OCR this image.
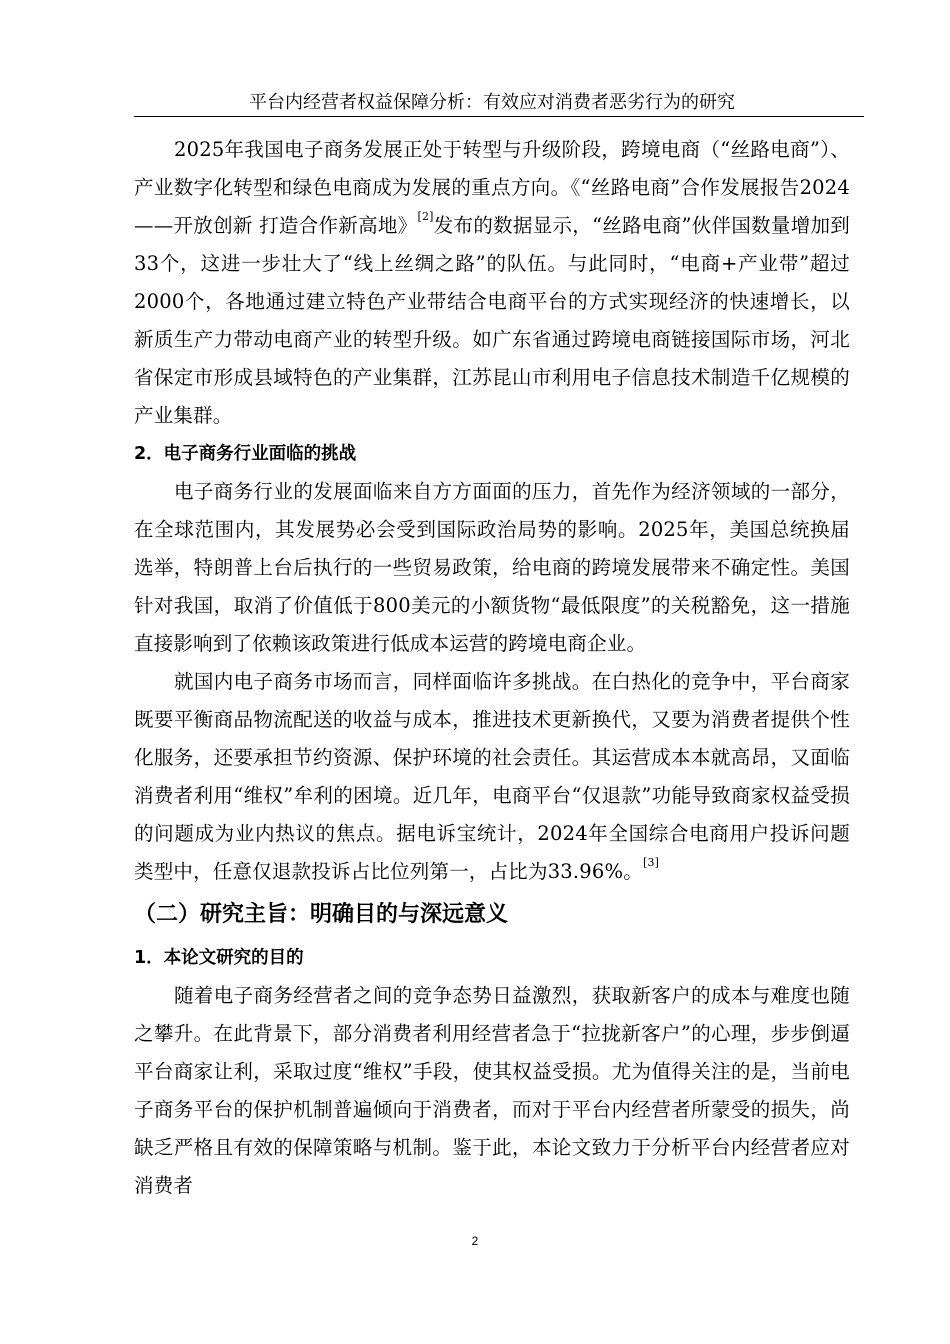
平台内经营者权益保障分析：有效应对消费者恶劣行为的研究

2025年我国电子商务发展正处于转型与升级阶段，跨境电商（“丝路电商”）、产业数字化转型和绿色电商成为发展的重点方向。《“丝路电商”合作发展报告2024——开放创新 打造合作新高地》[2]发布的数据显示，“丝路电商”伙伴国数量增加到33个，这进一步壮大了“线上丝绸之路”的队伍。与此同时，“电商+产业带”超过2000个，各地通过建立特色产业带结合电商平台的方式实现经济的快速增长，以新质生产力带动电商产业的转型升级。如广东省通过跨境电商链接国际市场，河北省保定市形成县域特色的产业集群，江苏昆山市利用电子信息技术制造千亿规模的产业集群。

2．电子商务行业面临的挑战

电子商务行业的发展面临来自方方面面的压力，首先作为经济领域的一部分，在全球范围内，其发展势必会受到国际政治局势的影响。2025年，美国总统换届选举，特朗普上台后执行的一些贸易政策，给电商的跨境发展带来不确定性。美国针对我国，取消了价值低于800美元的小额货物“最低限度”的关税豁免，这一措施直接影响到了依赖该政策进行低成本运营的跨境电商企业。

就国内电子商务市场而言，同样面临许多挑战。在白热化的竞争中，平台商家既要平衡商品物流配送的收益与成本，推进技术更新换代，又要为消费者提供个性化服务，还要承担节约资源、保护环境的社会责任。其运营成本本就高昂，又面临消费者利用“维权”牟利的困境。近几年，电商平台“仅退款”功能导致商家权益受损的问题成为业内热议的焦点。据电诉宝统计，2024年全国综合电商用户投诉问题类型中，任意仅退款投诉占比位列第一，占比为33.96%。[3]

（二）研究主旨：明确目的与深远意义
1．本论文研究的目的

随着电子商务经营者之间的竞争态势日益激烈，获取新客户的成本与难度也随之攀升。在此背景下，部分消费者利用经营者急于“拉拢新客户”的心理，步步倒逼平台商家让利，采取过度“维权”手段，使其权益受损。尤为值得关注的是，当前电子商务平台的保护机制普遍倾向于消费者，而对于平台内经营者所蒙受的损失，尚缺乏严格且有效的保障策略与机制。鉴于此，本论文致力于分析平台内经营者应对消费者

2
